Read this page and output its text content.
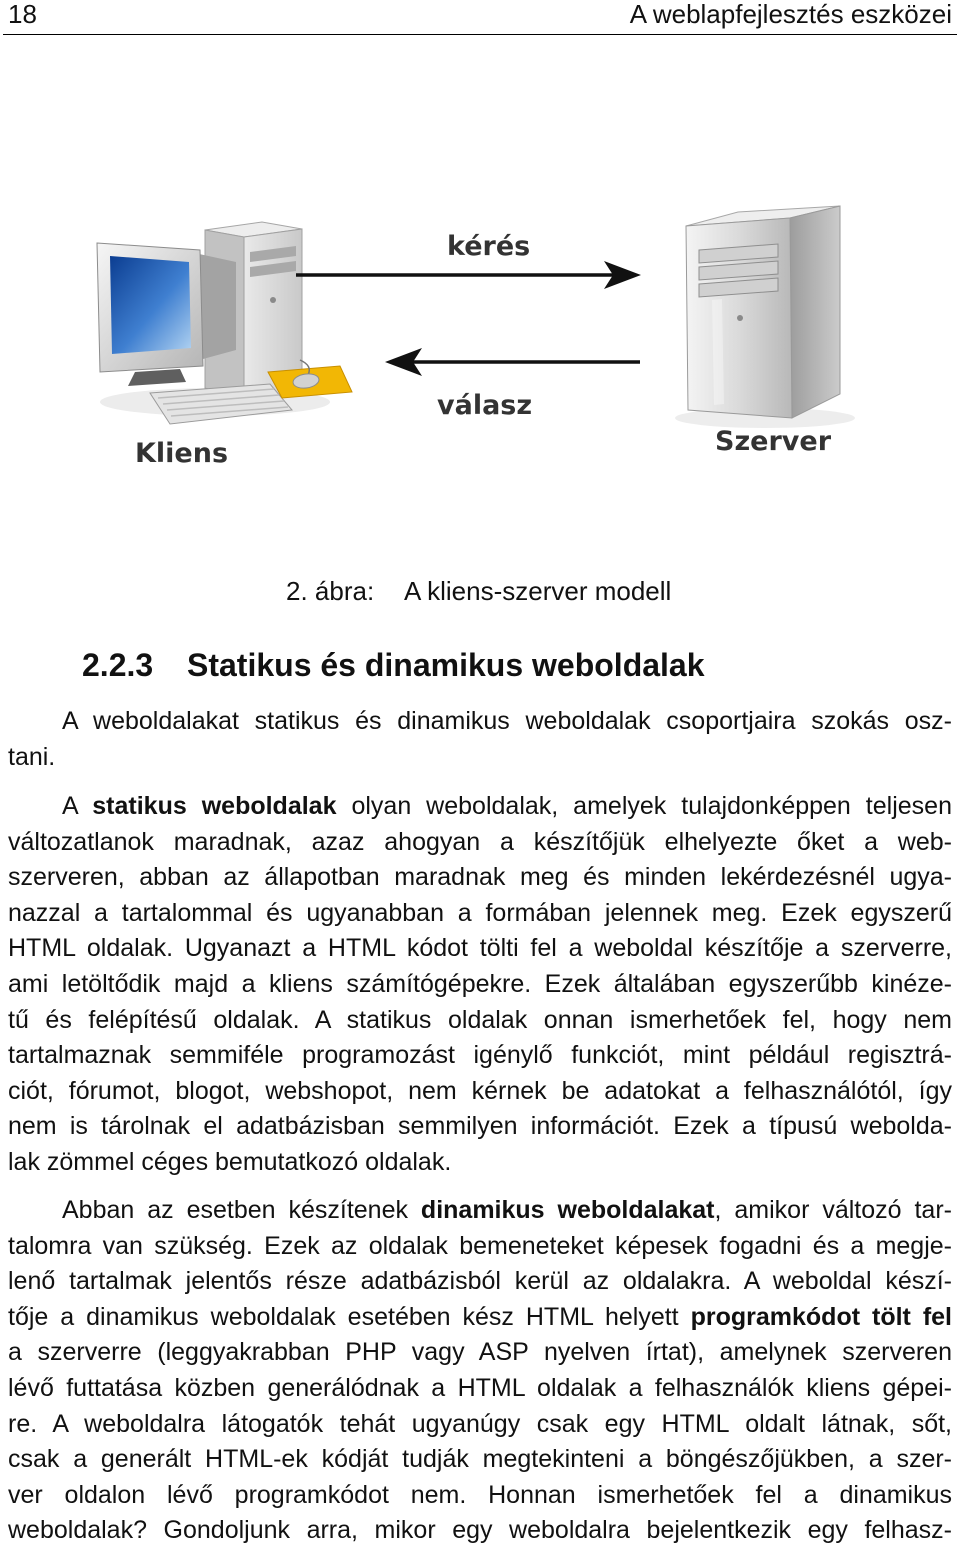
18	A weblapfejlesztés eszközei
kérés
válasz
Kliens	Szerver
2. ábra: A kliens-szerver modell
2.2.3 Statikus és dinamikus weboldalak
A weboldalakat statikus és dinamikus weboldalak csoportjaira szokás osz-
tani.
A statikus weboldalak olyan weboldalak, amelyek tulajdonképpen teljesen
változatlanok maradnak, azaz ahogyan a készítőjük elhelyezte őket a web-
szerveren, abban az állapotban maradnak meg és minden lekérdezésnél ugya-
nazzal a tartalommal és ugyanabban a formában jelennek meg. Ezek egyszerű
HTML oldalak. Ugyanazt a HTML kódot tölti fel a weboldal készítője a szerverre,
ami letöltődik majd a kliens számítógépekre. Ezek általában egyszerűbb kinéze-
tű és felépítésű oldalak. A statikus oldalak onnan ismerhetőek fel, hogy nem
tartalmaznak semmiféle programozást igénylő funkciót, mint például regisztrá-
ciót, fórumot, blogot, webshopot, nem kérnek be adatokat a felhasználótól, így
nem is tárolnak el adatbázisban semmilyen információt. Ezek a típusú webolda-
lak zömmel céges bemutatkozó oldalak.
Abban az esetben készítenek dinamikus weboldalakat, amikor változó tar-
talomra van szükség. Ezek az oldalak bemeneteket képesek fogadni és a megje-
lenő tartalmak jelentős része adatbázisból kerül az oldalakra. A weboldal készí-
tője a dinamikus weboldalak esetében kész HTML helyett programkódot tölt fel
a szerverre (leggyakrabban PHP vagy ASP nyelven írtat), amelynek szerveren
lévő futtatása közben generálódnak a HTML oldalak a felhasználók kliens gépei-
re. A weboldalra látogatók tehát ugyanúgy csak egy HTML oldalt látnak, sőt,
csak a generált HTML-ek kódját tudják megtekinteni a böngészőjükben, a szer-
ver oldalon lévő programkódot nem. Honnan ismerhetőek fel a dinamikus
weboldalak? Gondoljunk arra, mikor egy weboldalra bejelentkezik egy felhasz-
